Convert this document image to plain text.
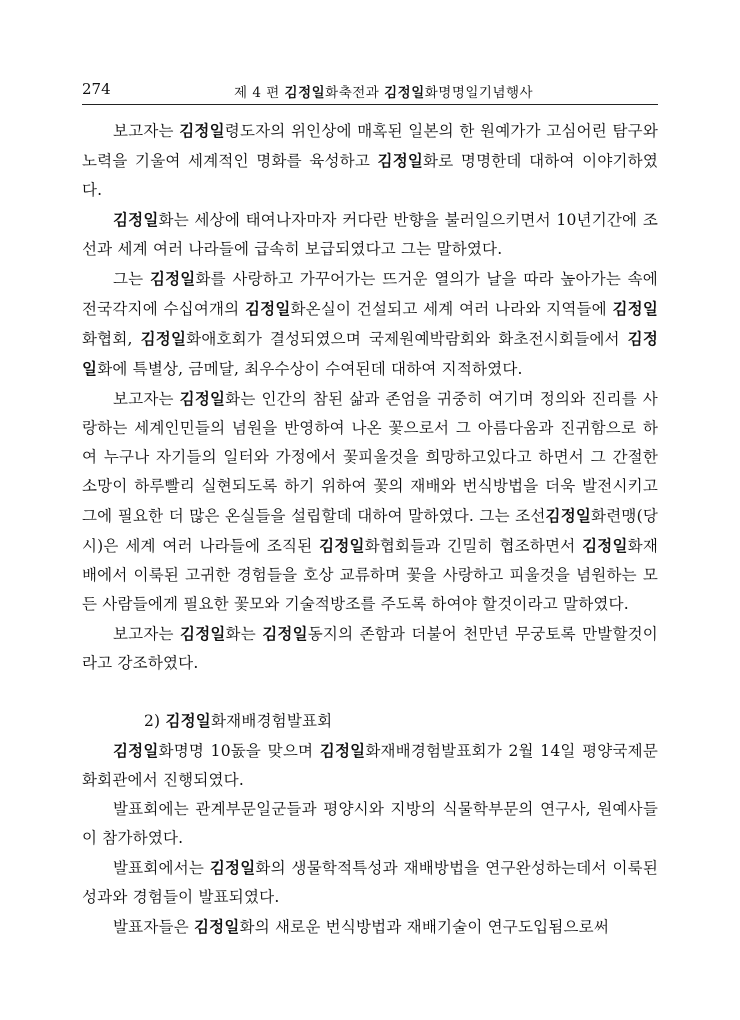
274	제 4 편 김정일화축전과 김정일화명명일기념행사

보고자는 김정일령도자의 위인상에 매혹된 일본의 한 원예가가 고심어린 탐구와 노력을 기울여 세계적인 명화를 육성하고 김정일화로 명명한데 대하여 이야기하였다.

김정일화는 세상에 태여나자마자 커다란 반향을 불러일으키면서 10년기간에 조선과 세계 여러 나라들에 급속히 보급되였다고 그는 말하였다.

그는 김정일화를 사랑하고 가꾸어가는 뜨거운 열의가 날을 따라 높아가는 속에 전국각지에 수십여개의 김정일화온실이 건설되고 세계 여러 나라와 지역들에 김정일화협회, 김정일화애호회가 결성되였으며 국제원예박람회와 화초전시회들에서 김정일화에 특별상, 금메달, 최우수상이 수여된데 대하여 지적하였다.

보고자는 김정일화는 인간의 참된 삶과 존엄을 귀중히 여기며 정의와 진리를 사랑하는 세계인민들의 념원을 반영하여 나온 꽃으로서 그 아름다움과 진귀함으로 하여 누구나 자기들의 일터와 가정에서 꽃피울것을 희망하고있다고 하면서 그 간절한 소망이 하루빨리 실현되도록 하기 위하여 꽃의 재배와 번식방법을 더욱 발전시키고 그에 필요한 더 많은 온실들을 설립할데 대하여 말하였다. 그는 조선김정일화련맹(당시)은 세계 여러 나라들에 조직된 김정일화협회들과 긴밀히 협조하면서 김정일화재배에서 이룩된 고귀한 경험들을 호상 교류하며 꽃을 사랑하고 피울것을 념원하는 모든 사람들에게 필요한 꽃모와 기술적방조를 주도록 하여야 할것이라고 말하였다.

보고자는 김정일화는 김정일동지의 존함과 더불어 천만년 무궁토록 만발할것이라고 강조하였다.

2) 김정일화재배경험발표회

김정일화명명 10돐을 맞으며 김정일화재배경험발표회가 2월 14일 평양국제문화회관에서 진행되였다.

발표회에는 관계부문일군들과 평양시와 지방의 식물학부문의 연구사, 원예사들이 참가하였다.

발표회에서는 김정일화의 생물학적특성과 재배방법을 연구완성하는데서 이룩된 성과와 경험들이 발표되였다.

발표자들은 김정일화의 새로운 번식방법과 재배기술이 연구도입됨으로써
